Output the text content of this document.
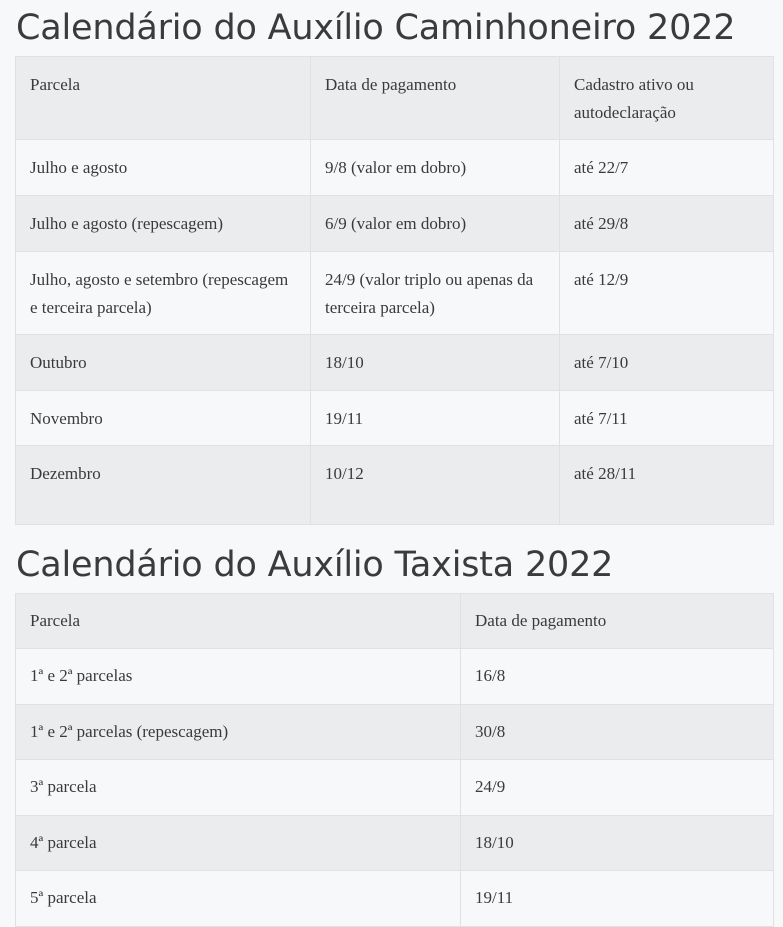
Calendário do Auxílio Caminhoneiro 2022
Parcela	Data de pagamento	Cadastro ativo ou autodeclaração
Julho e agosto	9/8 (valor em dobro)	até 22/7
Julho e agosto (repescagem)	6/9 (valor em dobro)	até 29/8
Julho, agosto e setembro (repescagem e terceira parcela)	24/9 (valor triplo ou apenas da terceira parcela)	até 12/9
Outubro	18/10	até 7/10
Novembro	19/11	até 7/11
Dezembro	10/12	até 28/11
Calendário do Auxílio Taxista 2022
Parcela	Data de pagamento
1ª e 2ª parcelas	16/8
1ª e 2ª parcelas (repescagem)	30/8
3ª parcela	24/9
4ª parcela	18/10
5ª parcela	19/11
